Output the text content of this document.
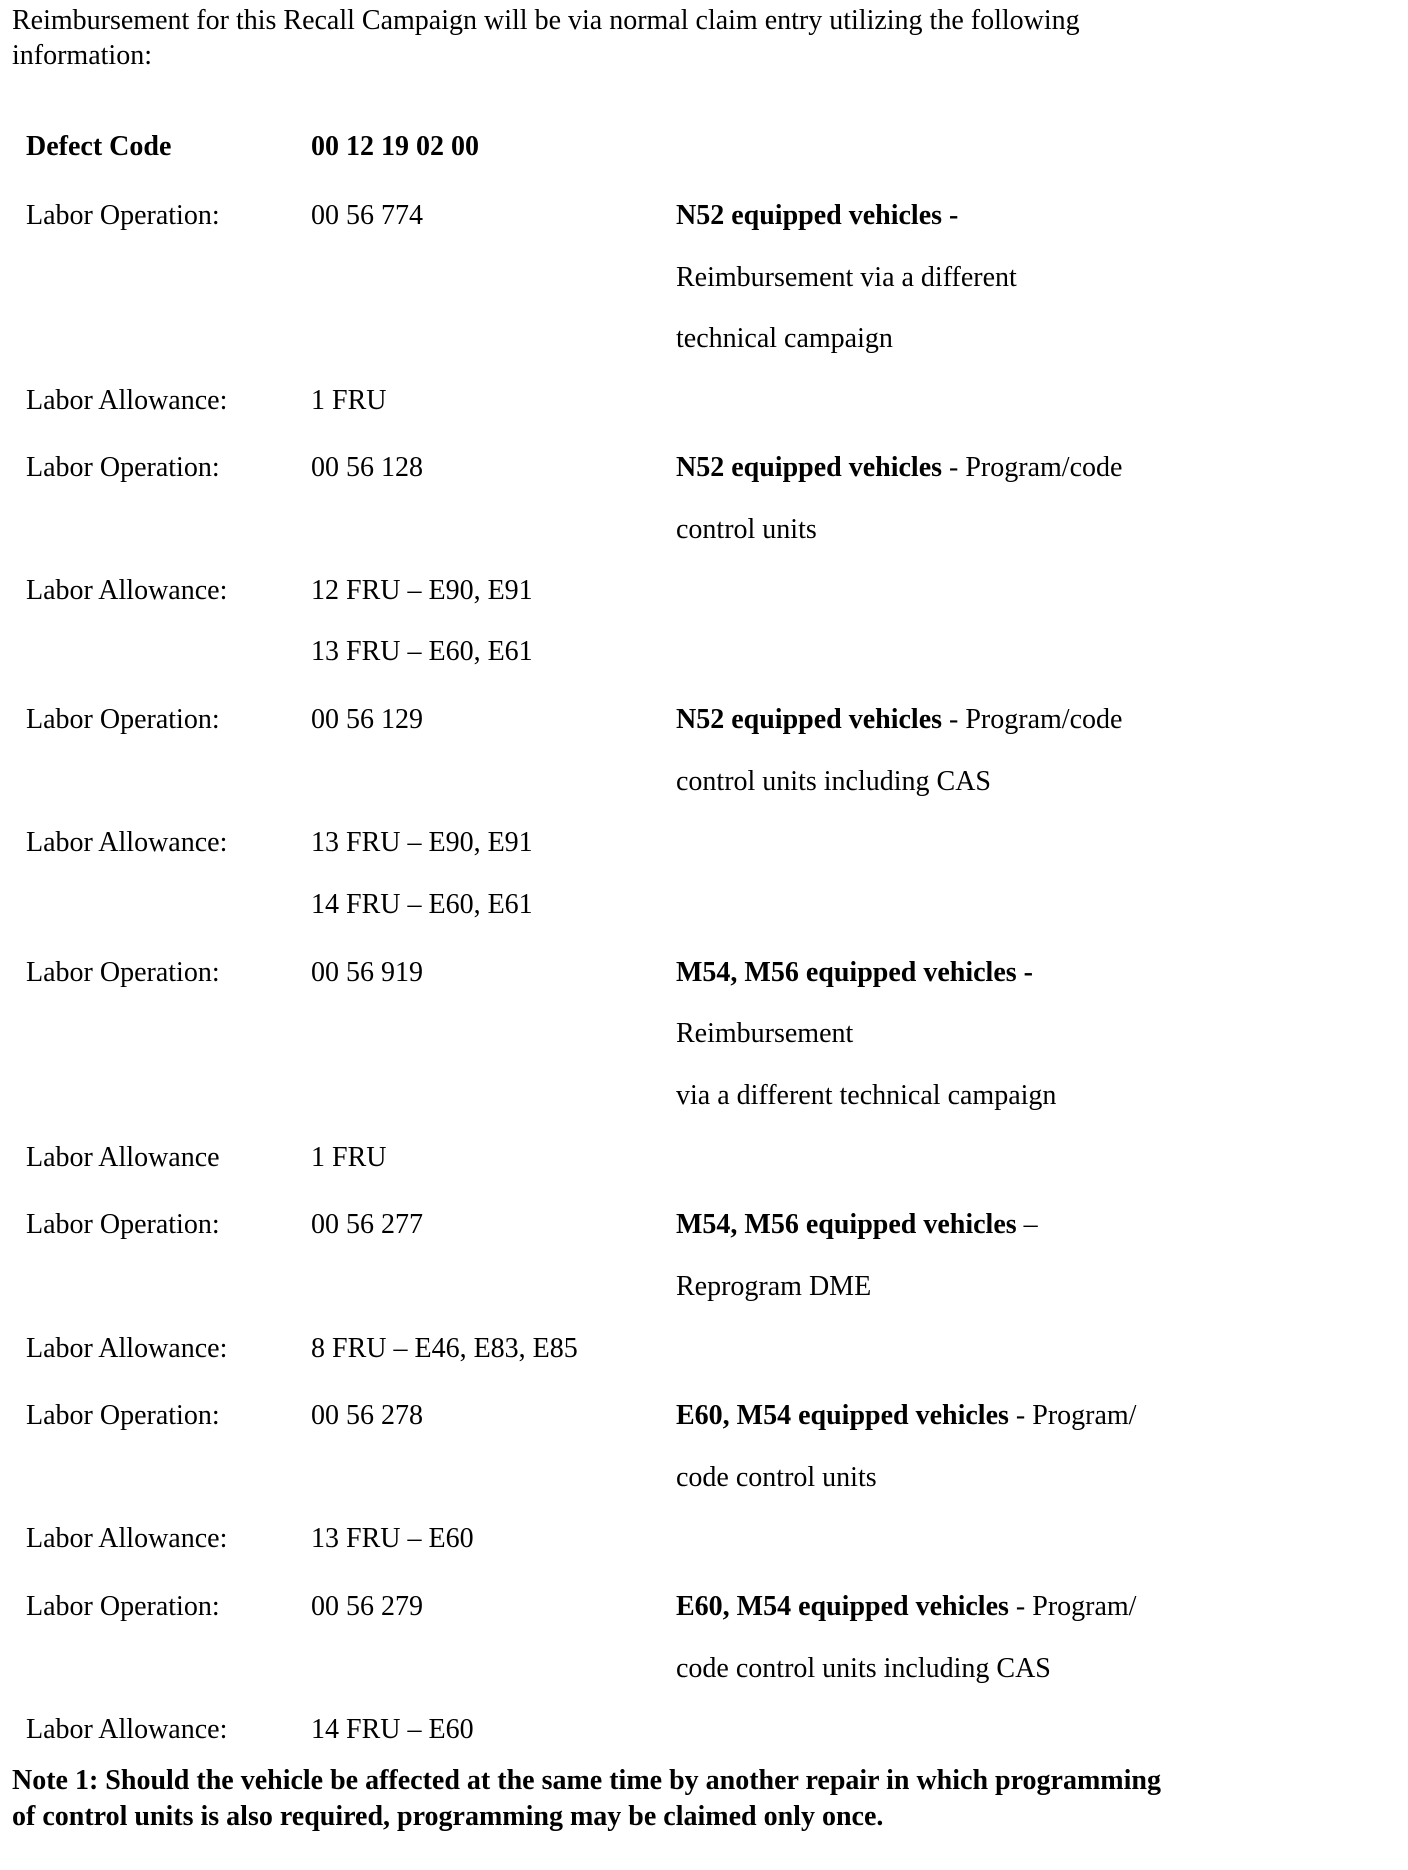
Reimbursement for this Recall Campaign will be via normal claim entry utilizing the following
information:
Defect Code	00 12 19 02 00
Labor Operation:	00 56 774	N52 equipped vehicles -
Reimbursement via a different
technical campaign
Labor Allowance:	1 FRU
Labor Operation:	00 56 128	N52 equipped vehicles - Program/code
control units
Labor Allowance:	12 FRU – E90, E91
13 FRU – E60, E61
Labor Operation:	00 56 129	N52 equipped vehicles - Program/code
control units including CAS
Labor Allowance:	13 FRU – E90, E91
14 FRU – E60, E61
Labor Operation:	00 56 919	M54, M56 equipped vehicles -
Reimbursement
via a different technical campaign
Labor Allowance	1 FRU
Labor Operation:	00 56 277	M54, M56 equipped vehicles –
Reprogram DME
Labor Allowance:	8 FRU – E46, E83, E85
Labor Operation:	00 56 278	E60, M54 equipped vehicles - Program/
code control units
Labor Allowance:	13 FRU – E60
Labor Operation:	00 56 279	E60, M54 equipped vehicles - Program/
code control units including CAS
Labor Allowance:	14 FRU – E60
Note 1: Should the vehicle be affected at the same time by another repair in which programming
of control units is also required, programming may be claimed only once.
